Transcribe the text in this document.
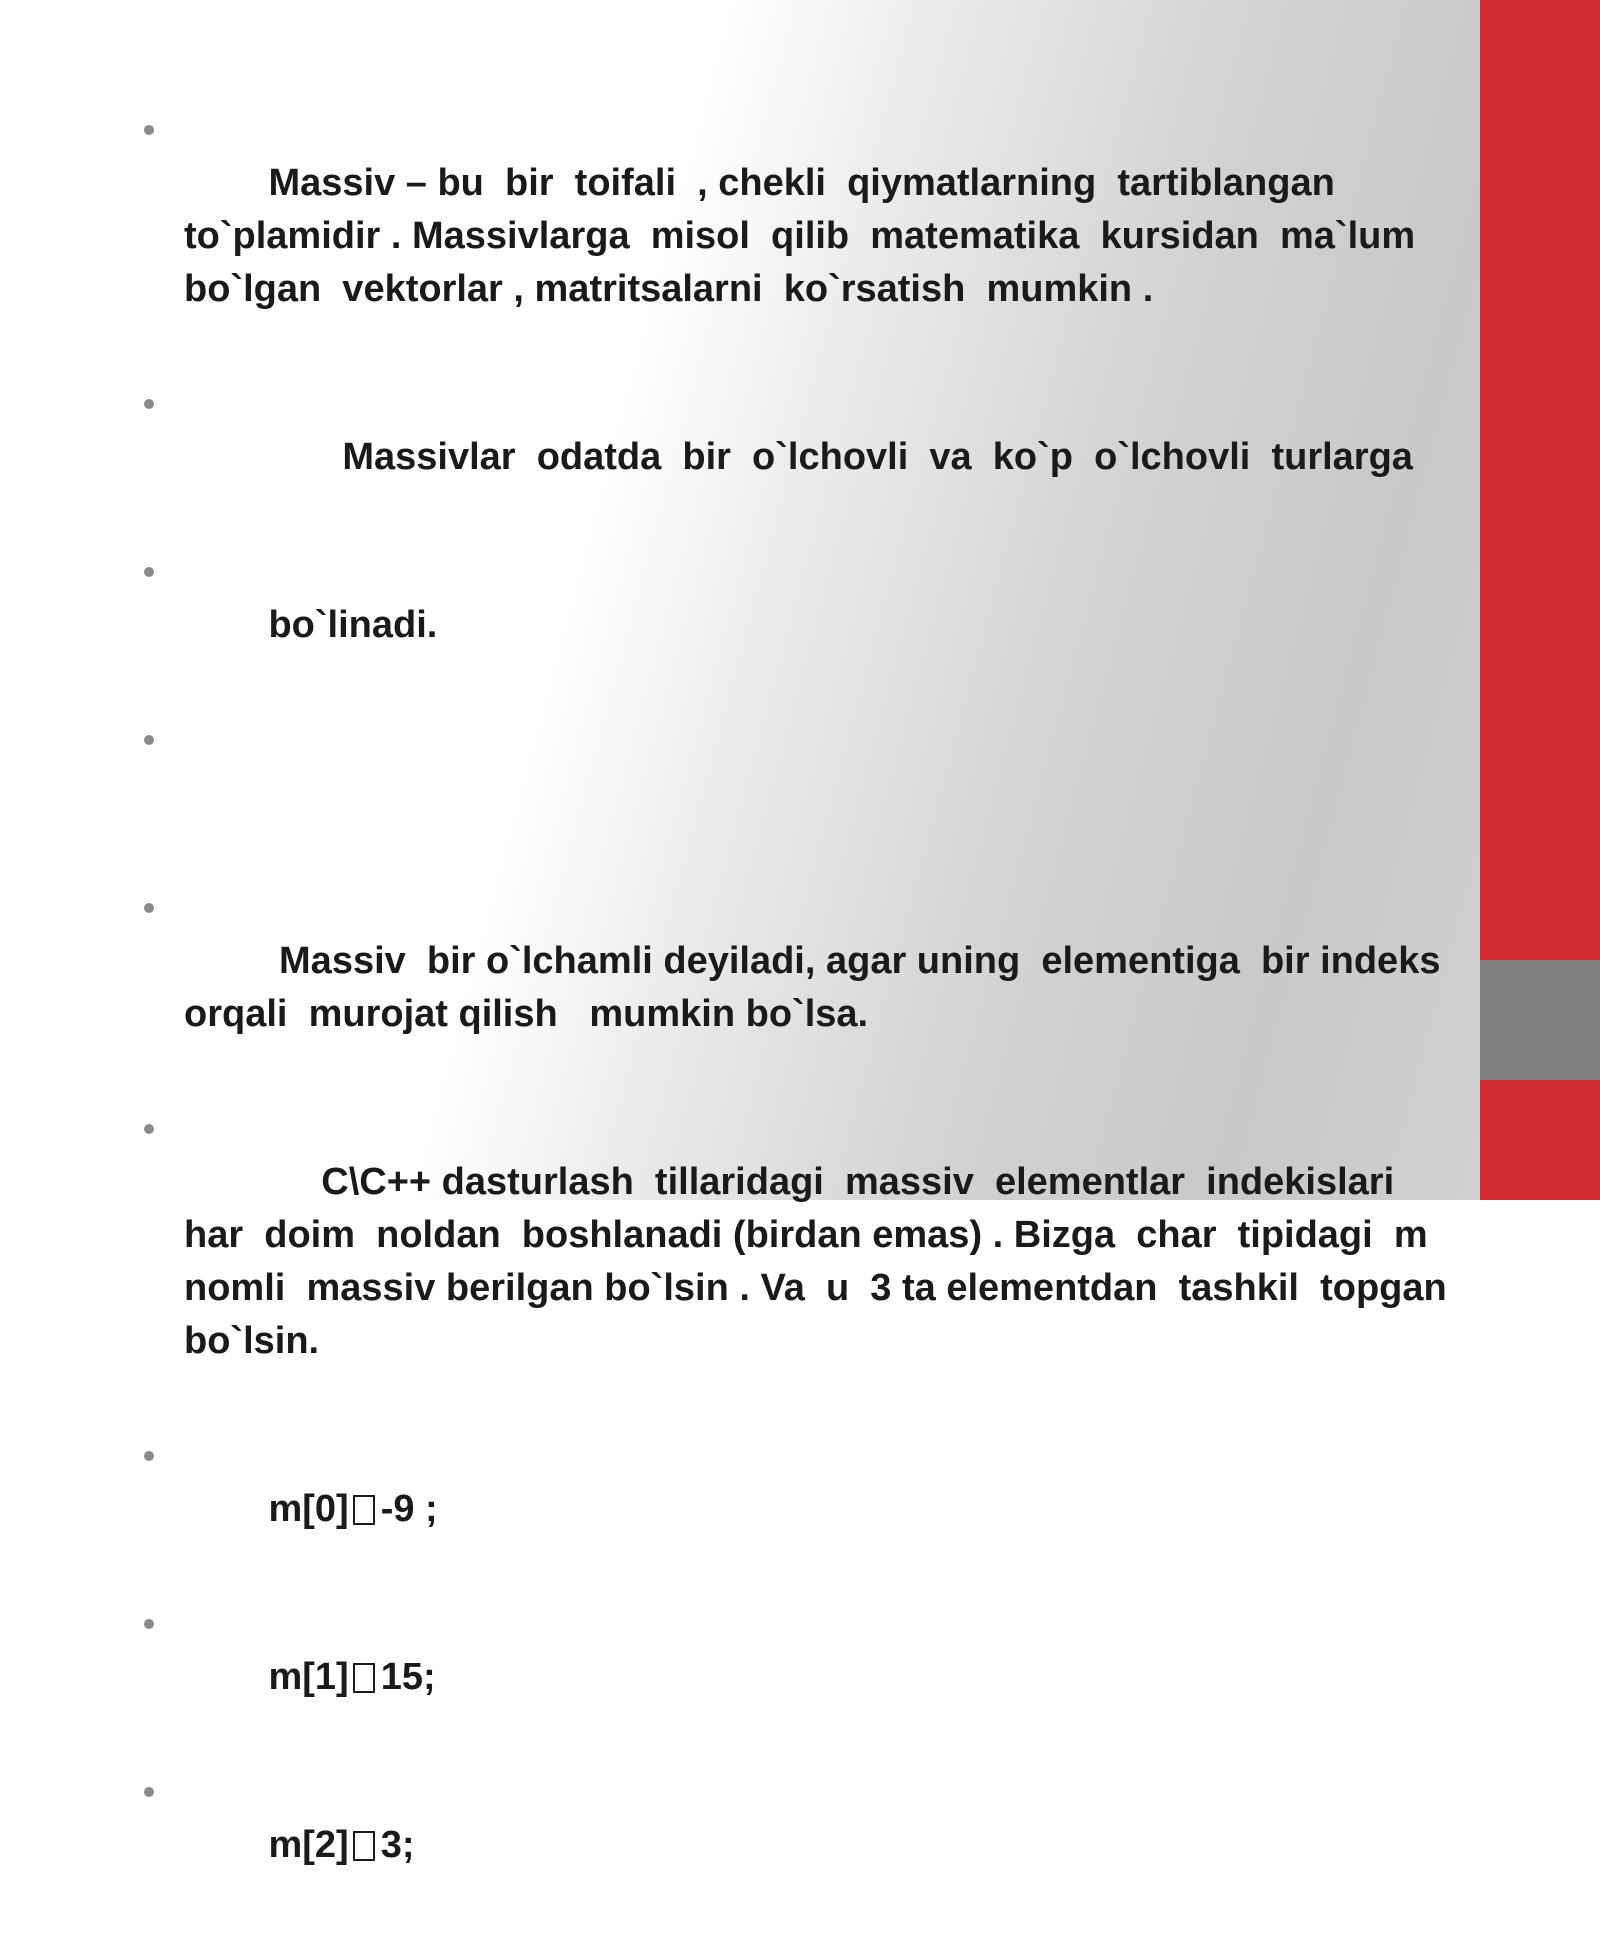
Massiv – bu  bir  toifali  , chekli  qiymatlarning  tartiblangan  to`plamidir . Massivlarga  misol  qilib  matematika  kursidan  ma`lum  bo`lgan  vektorlar , matritsalarni  ko`rsatish  mumkin .

Massivlar  odatda  bir  o`lchovli  va  ko`p  o`lchovli  turlarga

bo`linadi.

Massiv  bir o`lchamli deyiladi, agar uning  elementiga  bir indeks  orqali  murojat qilish   mumkin bo`lsa.

C\C++ dasturlash  tillaridagi  massiv  elementlar  indekislari  har  doim  noldan  boshlanadi (birdan emas) . Bizga  char  tipidagi  m  nomli  massiv berilgan bo`lsin . Va  u  3 ta elementdan  tashkil  topgan bo`lsin.

m[0] -9 ;

m[1] 15;

m[2] 3;
